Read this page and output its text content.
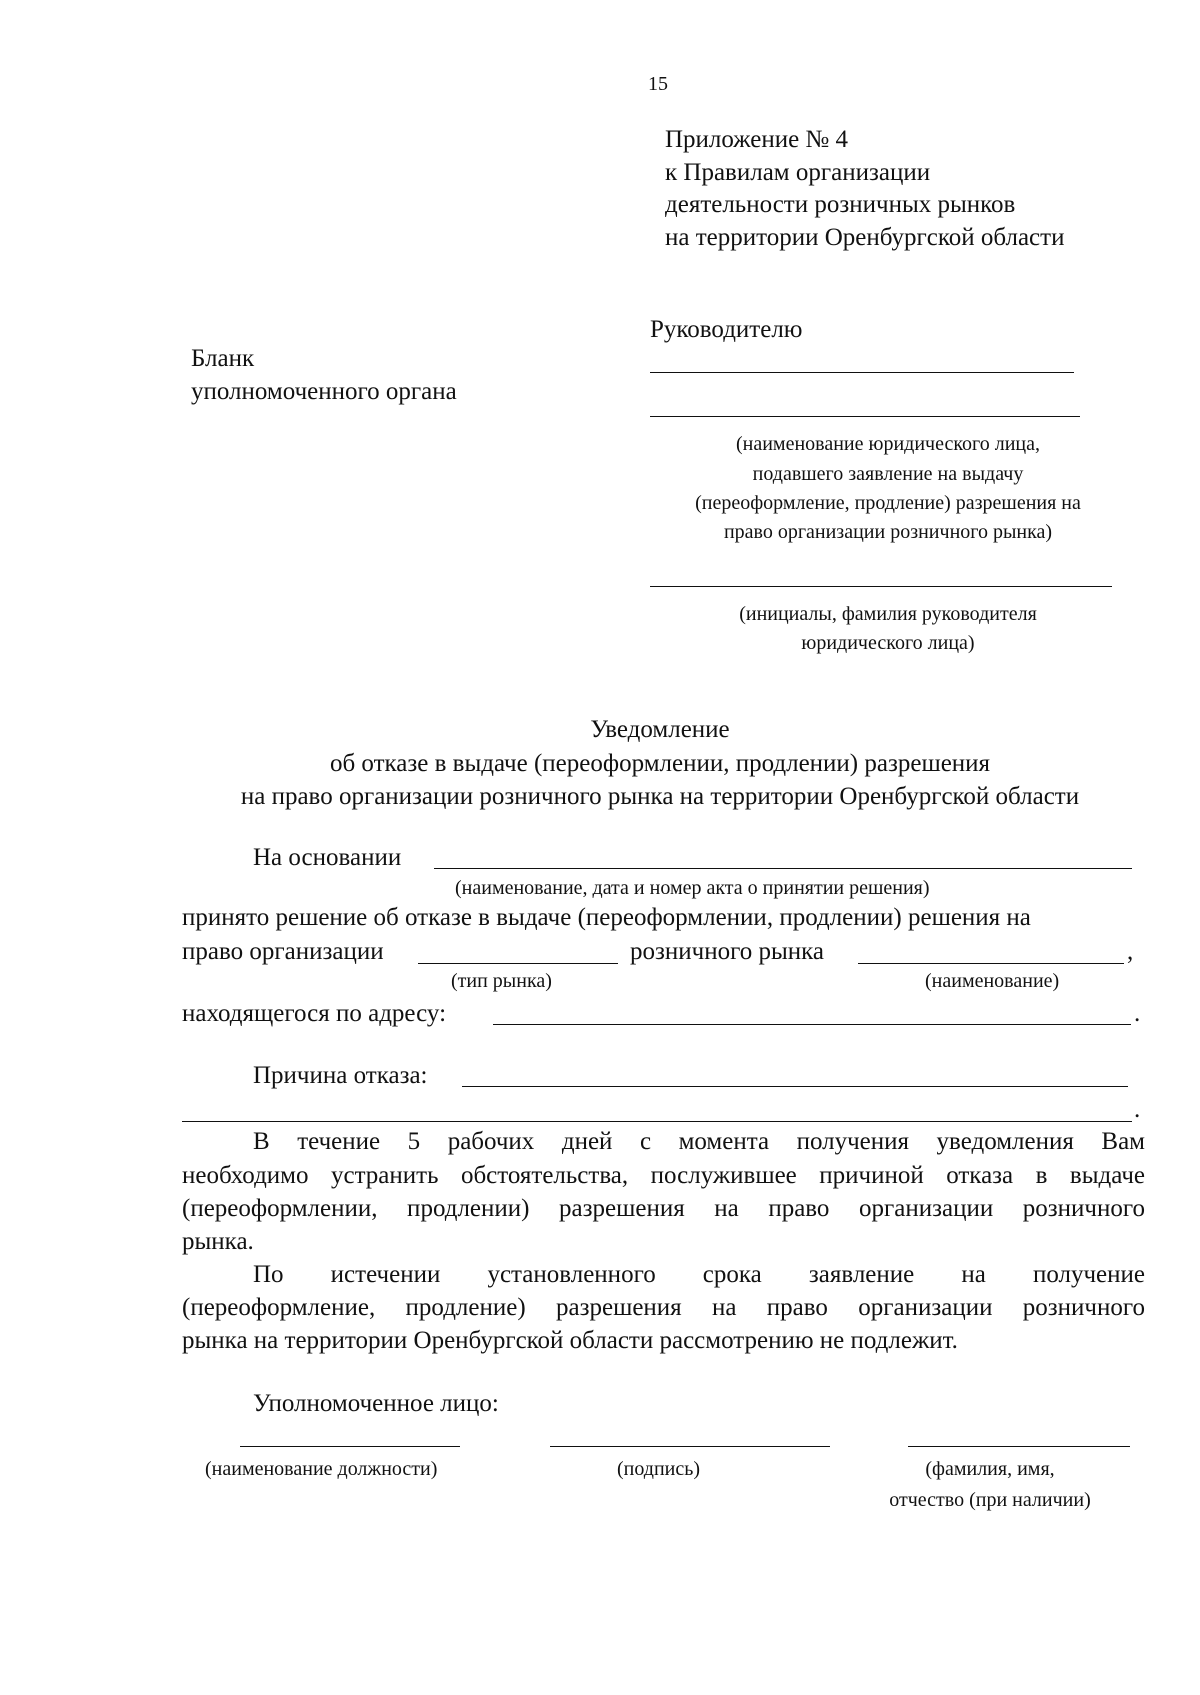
15
Приложение № 4
к Правилам организации
деятельности розничных рынков
на территории Оренбургской области
Бланк
уполномоченного органа
Руководителю
(наименование юридического лица,
подавшего заявление на выдачу
(переоформление, продление) разрешения на
право организации розничного рынка)
(инициалы, фамилия руководителя
юридического лица)
Уведомление
об отказе в выдаче (переоформлении, продлении) разрешения
на право организации розничного рынка на территории Оренбургской области
На основании
(наименование, дата и номер акта о принятии решения)
принято решение об отказе в выдаче (переоформлении, продлении) решения на
право организации	розничного рынка	,
(тип рынка)	(наименование)
находящегося по адресу:	.
Причина отказа:
.
В течение 5 рабочих дней с момента получения уведомления Вам
необходимо устранить обстоятельства, послужившее причиной отказа в выдаче
(переоформлении, продлении) разрешения на право организации розничного
рынка.
По истечении установленного срока заявление на получение
(переоформление, продление) разрешения на право организации розничного
рынка на территории Оренбургской области рассмотрению не подлежит.
Уполномоченное лицо:
(наименование должности)	(подпись)	(фамилия, имя,
отчество (при наличии)
